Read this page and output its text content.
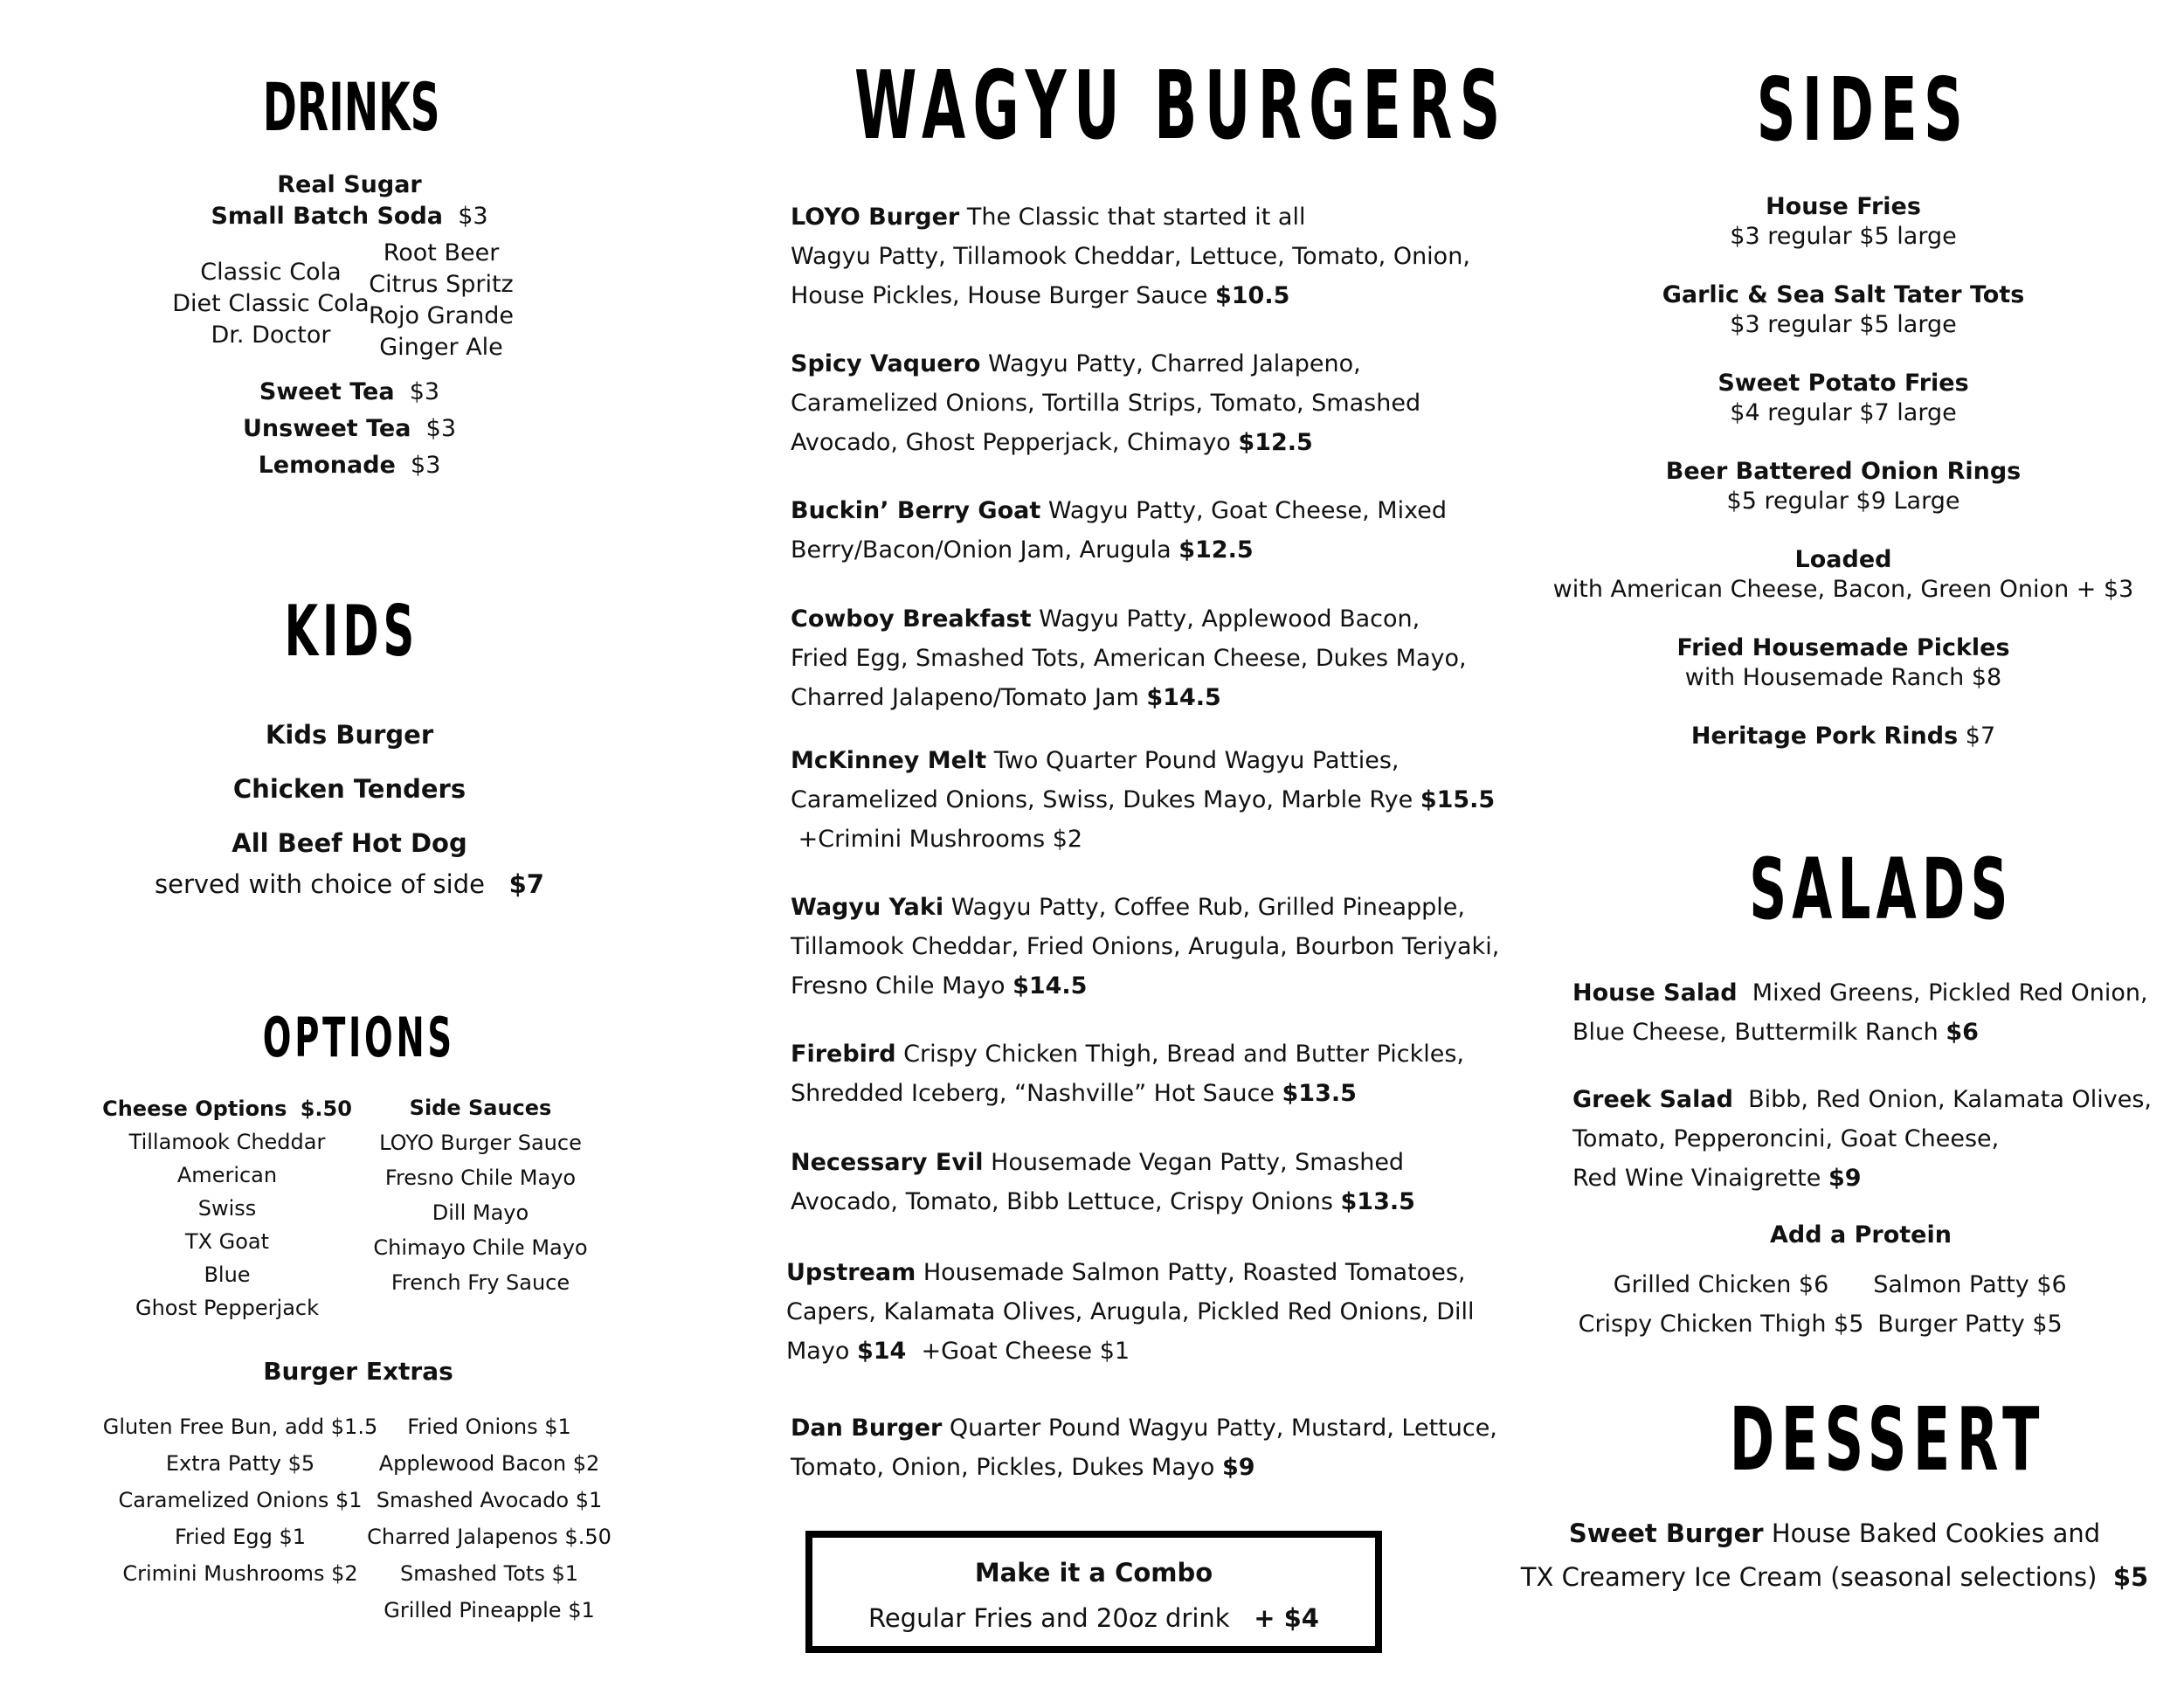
DRINKS
Real Sugar
Small Batch Soda $3
Classic Cola
Diet Classic Cola
Dr. Doctor
Root Beer
Citrus Spritz
Rojo Grande
Ginger Ale
Sweet Tea $3
Unsweet Tea $3
Lemonade $3
KIDS
Kids Burger
Chicken Tenders
All Beef Hot Dog
served with choice of side $7
OPTIONS
Cheese Options $.50
Tillamook Cheddar
American
Swiss
TX Goat
Blue
Ghost Pepperjack
Side Sauces
LOYO Burger Sauce
Fresno Chile Mayo
Dill Mayo
Chimayo Chile Mayo
French Fry Sauce
Burger Extras
Gluten Free Bun, add $1.5
Extra Patty $5
Caramelized Onions $1
Fried Egg $1
Crimini Mushrooms $2
Fried Onions $1
Applewood Bacon $2
Smashed Avocado $1
Charred Jalapenos $.50
Smashed Tots $1
Grilled Pineapple $1
WAGYU BURGERS
LOYO Burger The Classic that started it all
Wagyu Patty, Tillamook Cheddar, Lettuce, Tomato, Onion,
House Pickles, House Burger Sauce $10.5
Spicy Vaquero Wagyu Patty, Charred Jalapeno,
Caramelized Onions, Tortilla Strips, Tomato, Smashed
Avocado, Ghost Pepperjack, Chimayo $12.5
Buckin’ Berry Goat Wagyu Patty, Goat Cheese, Mixed
Berry/Bacon/Onion Jam, Arugula $12.5
Cowboy Breakfast Wagyu Patty, Applewood Bacon,
Fried Egg, Smashed Tots, American Cheese, Dukes Mayo,
Charred Jalapeno/Tomato Jam $14.5
McKinney Melt Two Quarter Pound Wagyu Patties,
Caramelized Onions, Swiss, Dukes Mayo, Marble Rye $15.5
+Crimini Mushrooms $2
Wagyu Yaki Wagyu Patty, Coffee Rub, Grilled Pineapple,
Tillamook Cheddar, Fried Onions, Arugula, Bourbon Teriyaki,
Fresno Chile Mayo $14.5
Firebird Crispy Chicken Thigh, Bread and Butter Pickles,
Shredded Iceberg, “Nashville” Hot Sauce $13.5
Necessary Evil Housemade Vegan Patty, Smashed
Avocado, Tomato, Bibb Lettuce, Crispy Onions $13.5
Upstream Housemade Salmon Patty, Roasted Tomatoes,
Capers, Kalamata Olives, Arugula, Pickled Red Onions, Dill
Mayo $14 +Goat Cheese $1
Dan Burger Quarter Pound Wagyu Patty, Mustard, Lettuce,
Tomato, Onion, Pickles, Dukes Mayo $9
Make it a Combo
Regular Fries and 20oz drink + $4
SIDES
House Fries
$3 regular $5 large
Garlic & Sea Salt Tater Tots
$3 regular $5 large
Sweet Potato Fries
$4 regular $7 large
Beer Battered Onion Rings
$5 regular $9 Large
Loaded
with American Cheese, Bacon, Green Onion + $3
Fried Housemade Pickles
with Housemade Ranch $8
Heritage Pork Rinds $7
SALADS
House Salad Mixed Greens, Pickled Red Onion,
Blue Cheese, Buttermilk Ranch $6
Greek Salad Bibb, Red Onion, Kalamata Olives,
Tomato, Pepperoncini, Goat Cheese,
Red Wine Vinaigrette $9
Add a Protein
Grilled Chicken $6
Crispy Chicken Thigh $5
Salmon Patty $6
Burger Patty $5
DESSERT
Sweet Burger House Baked Cookies and
TX Creamery Ice Cream (seasonal selections) $5
